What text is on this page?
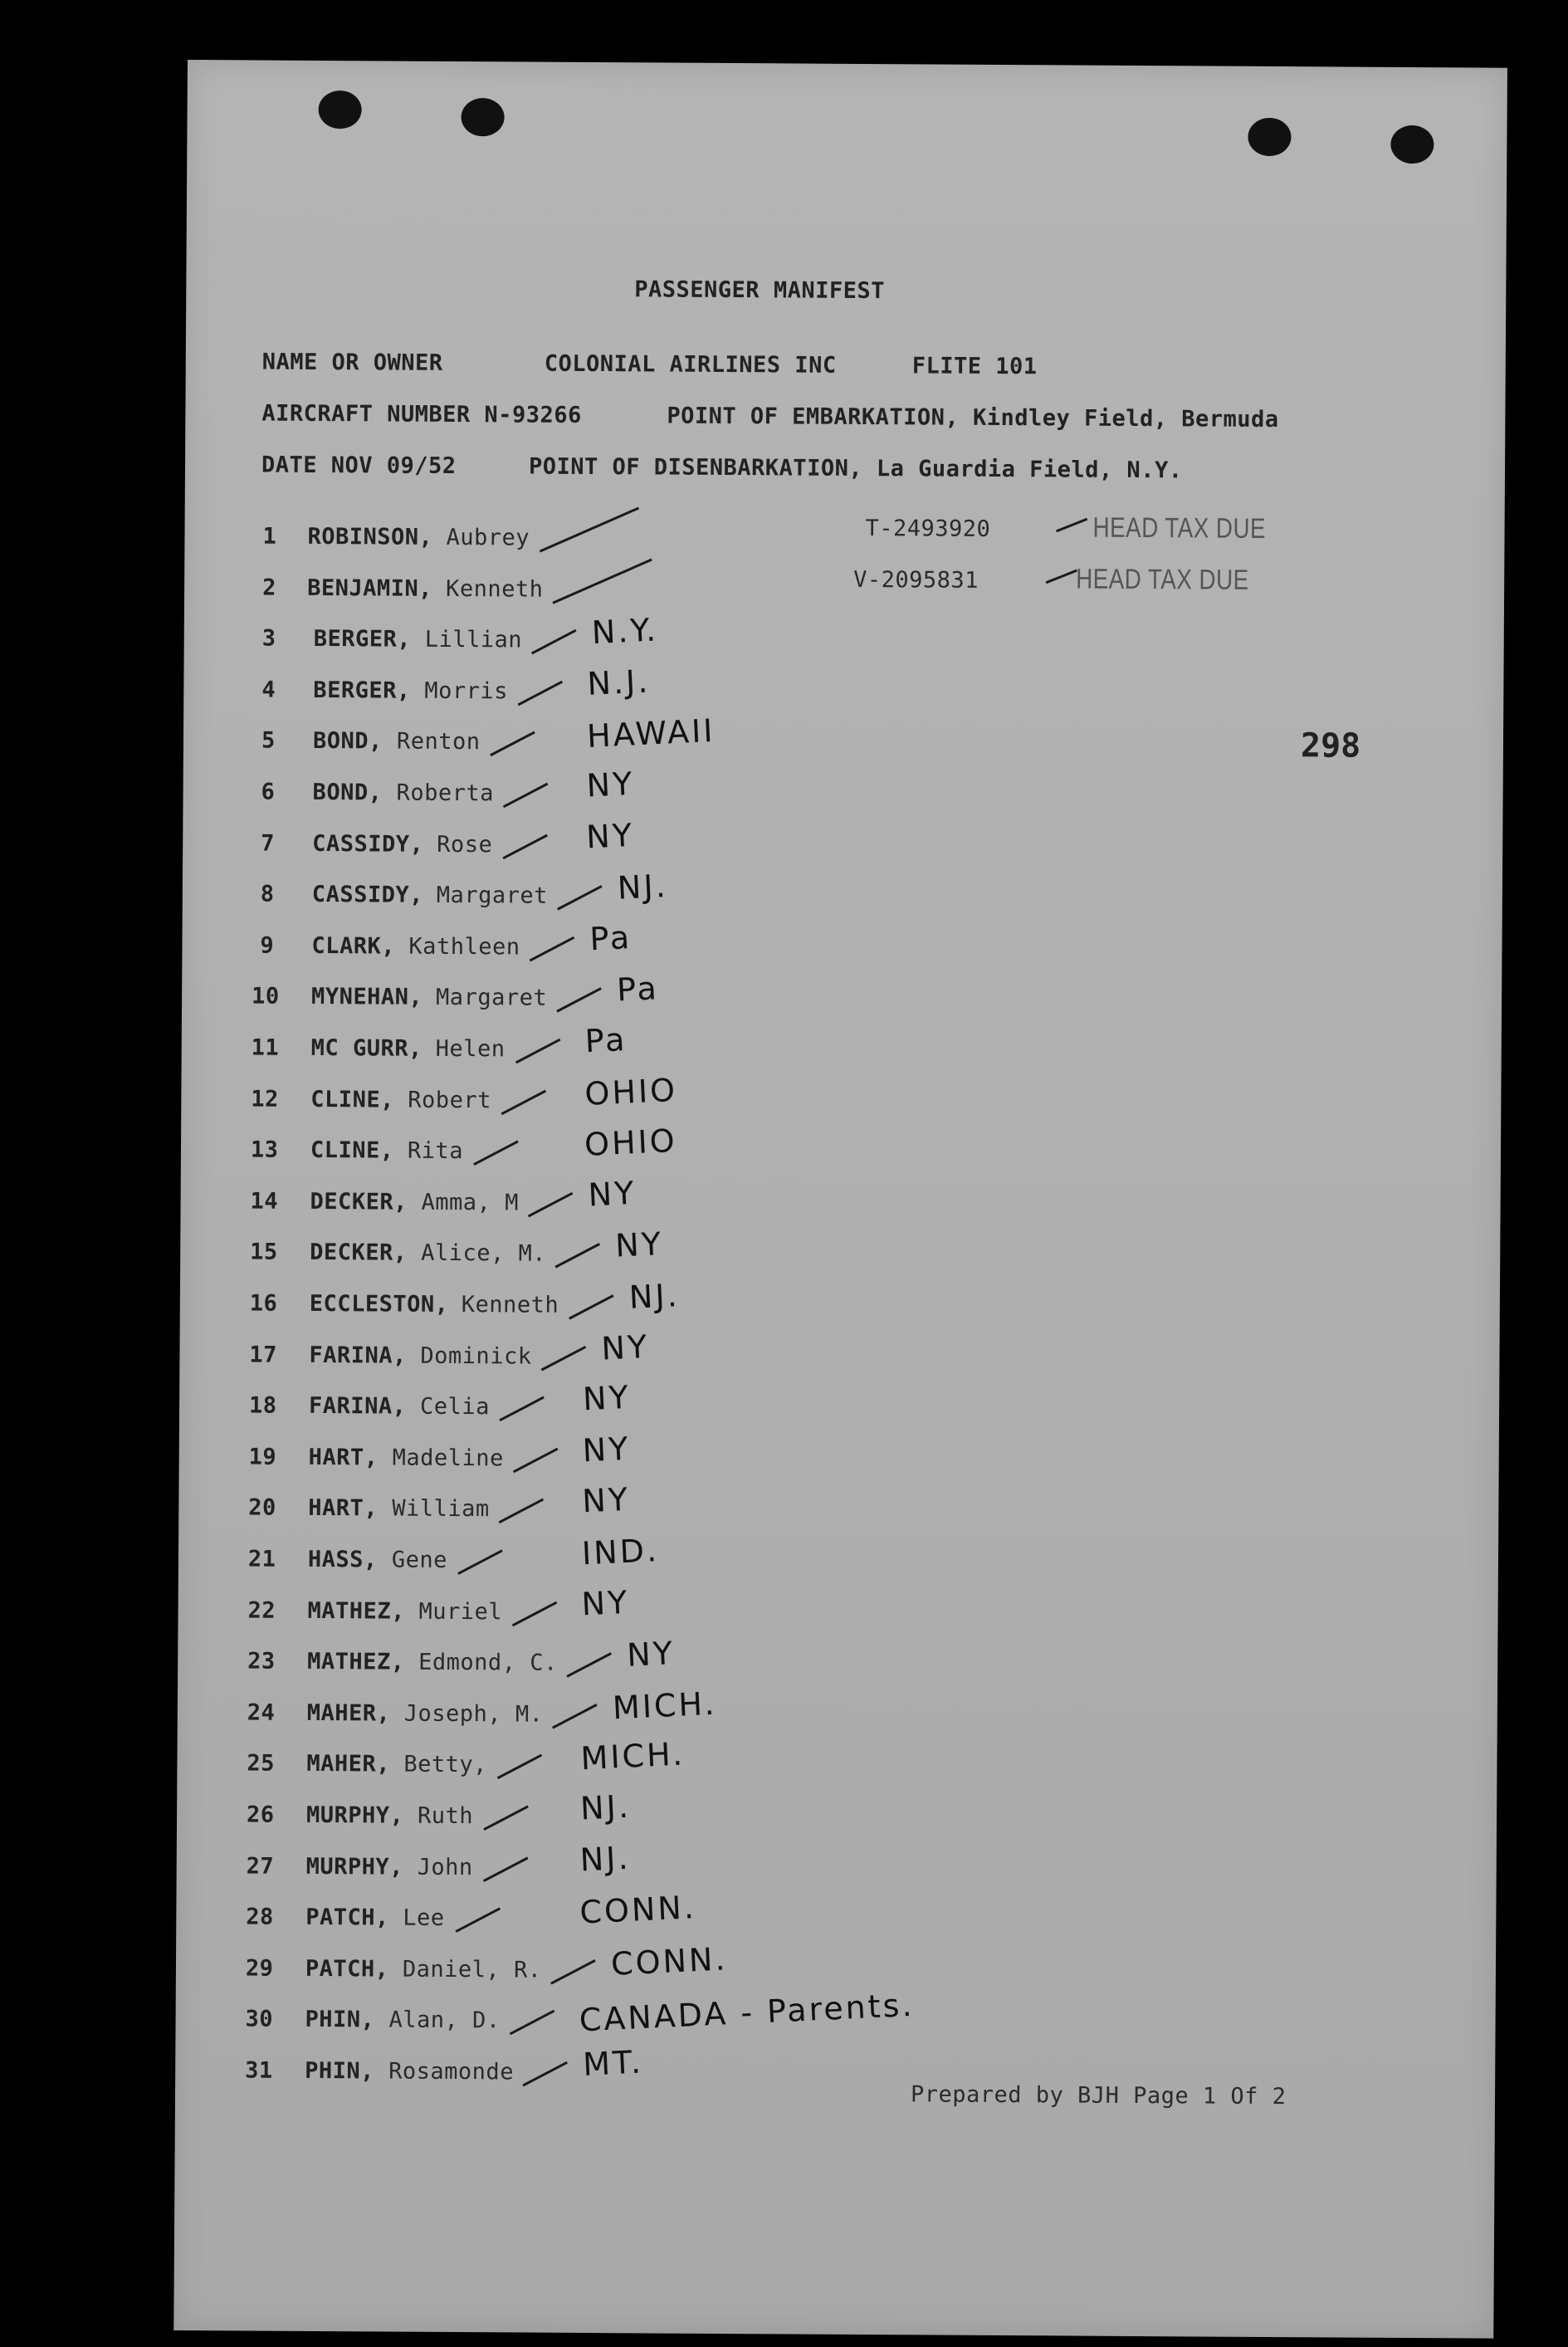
PASSENGER MANIFEST
NAME OR OWNER	COLONIAL AIRLINES INC	FLITE 101
AIRCRAFT NUMBER N-93266	POINT OF EMBARKATION, Kindley Field, Bermuda
DATE NOV 09/52	POINT OF DISENBARKATION, La Guardia Field, N.Y.
298
1 ROBINSON, Aubrey	T-2493920	HEAD TAX DUE
2 BENJAMIN, Kenneth	V-2095831	HEAD TAX DUE
3 BERGER, Lillian N.Y.
4 BERGER, Morris N.J.
5 BOND, Renton	HAWAII
6 BOND, Roberta	NY
7 CASSIDY, Rose	NY
8 CASSIDY, Margaret NJ.
9 CLARK, Kathleen Pa
10 MYNEHAN, Margaret Pa
11 MC GURR, Helen	Pa
12 CLINE, Robert	OHIO
13 CLINE, Rita	OHIO
14 DECKER, Amma, M NY
15 DECKER, Alice, M. NY
16 ECCLESTON, Kenneth NJ.
17 FARINA, Dominick NY
18 FARINA, Celia	NY
19 HART, Madeline NY
20 HART, William	NY
21 HASS, Gene	IND.
22 MATHEZ, Muriel NY
23 MATHEZ, Edmond, C. NY
24 MAHER, Joseph, M. MICH.
25 MAHER, Betty,	MICH.
26 MURPHY, Ruth	NJ.
27 MURPHY, John	NJ.
28 PATCH, Lee	CONN.
29 PATCH, Daniel, R. CONN.
30 PHIN, Alan, D. CANADA - Parents.
31 PHIN, Rosamonde MT.
Prepared by BJH Page 1 Of 2
